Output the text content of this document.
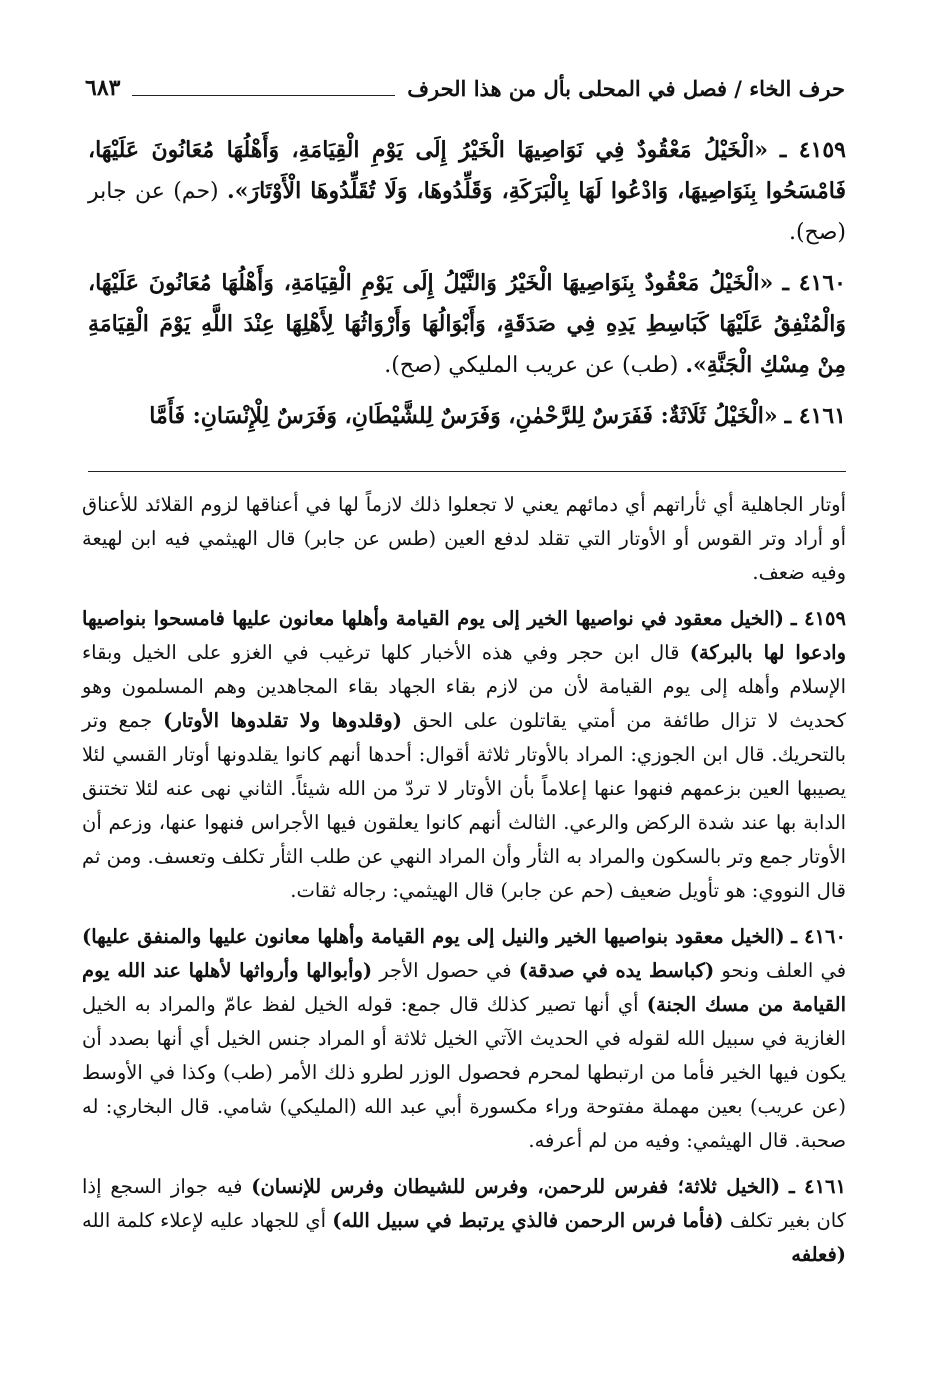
حرف الخاء / فصل في المحلى بأل من هذا الحرف
٦٨٣

٤١٥٩ ـ «الْخَيْلُ مَعْقُودٌ فِي نَوَاصِيهَا الْخَيْرُ إِلَى يَوْمِ الْقِيَامَةِ، وَأَهْلُهَا مُعَانُونَ عَلَيْهَا، فَامْسَحُوا بِنَوَاصِيهَا، وَادْعُوا لَهَا بِالْبَرَكَةِ، وَقَلِّدُوهَا، وَلَا تُقَلِّدُوهَا الْأَوْتَارَ». (حم) عن جابر (صح).

٤١٦٠ ـ «الْخَيْلُ مَعْقُودٌ بِنَوَاصِيهَا الْخَيْرُ وَالنَّيْلُ إِلَى يَوْمِ الْقِيَامَةِ، وَأَهْلُهَا مُعَانُونَ عَلَيْهَا، وَالْمُنْفِقُ عَلَيْهَا كَبَاسِطِ يَدِهِ فِي صَدَقَةٍ، وَأَبْوَالُهَا وَأَرْوَاثُهَا لِأَهْلِهَا عِنْدَ اللَّهِ يَوْمَ الْقِيَامَةِ مِنْ مِسْكِ الْجَنَّةِ». (طب) عن عريب المليكي (صح).

٤١٦١ ـ «الْخَيْلُ ثَلَاثَةٌ: فَفَرَسٌ لِلرَّحْمٰنِ، وَفَرَسٌ لِلشَّيْطَانِ، وَفَرَسٌ لِلْإِنْسَانِ: فَأَمَّا

أوتار الجاهلية أي ثأراتهم أي دمائهم يعني لا تجعلوا ذلك لازماً لها في أعناقها لزوم القلائد للأعناق أو أراد وتر القوس أو الأوتار التي تقلد لدفع العين (طس عن جابر) قال الهيثمي فيه ابن لهيعة وفيه ضعف.

٤١٥٩ ـ (الخيل معقود في نواصيها الخير إلى يوم القيامة وأهلها معانون عليها فامسحوا بنواصيها وادعوا لها بالبركة) قال ابن حجر وفي هذه الأخبار كلها ترغيب في الغزو على الخيل وبقاء الإسلام وأهله إلى يوم القيامة لأن من لازم بقاء الجهاد بقاء المجاهدين وهم المسلمون وهو كحديث لا تزال طائفة من أمتي يقاتلون على الحق (وقلدوها ولا تقلدوها الأوتار) جمع وتر بالتحريك. قال ابن الجوزي: المراد بالأوتار ثلاثة أقوال: أحدها أنهم كانوا يقلدونها أوتار القسي لئلا يصيبها العين بزعمهم فنهوا عنها إعلاماً بأن الأوتار لا تردّ من الله شيئاً. الثاني نهى عنه لئلا تختنق الدابة بها عند شدة الركض والرعي. الثالث أنهم كانوا يعلقون فيها الأجراس فنهوا عنها، وزعم أن الأوتار جمع وتر بالسكون والمراد به الثأر وأن المراد النهي عن طلب الثأر تكلف وتعسف. ومن ثم قال النووي: هو تأويل ضعيف (حم عن جابر) قال الهيثمي: رجاله ثقات.

٤١٦٠ ـ (الخيل معقود بنواصيها الخير والنيل إلى يوم القيامة وأهلها معانون عليها والمنفق عليها) في العلف ونحو (كباسط يده في صدقة) في حصول الأجر (وأبوالها وأرواثها لأهلها عند الله يوم القيامة من مسك الجنة) أي أنها تصير كذلك قال جمع: قوله الخيل لفظ عامّ والمراد به الخيل الغازية في سبيل الله لقوله في الحديث الآتي الخيل ثلاثة أو المراد جنس الخيل أي أنها بصدد أن يكون فيها الخير فأما من ارتبطها لمحرم فحصول الوزر لطرو ذلك الأمر (طب) وكذا في الأوسط (عن عريب) بعين مهملة مفتوحة وراء مكسورة أبي عبد الله (المليكي) شامي. قال البخاري: له صحبة. قال الهيثمي: وفيه من لم أعرفه.

٤١٦١ ـ (الخيل ثلاثة؛ ففرس للرحمن، وفرس للشيطان وفرس للإنسان) فيه جواز السجع إذا كان بغير تكلف (فأما فرس الرحمن فالذي يرتبط في سبيل الله) أي للجهاد عليه لإعلاء كلمة الله (فعلفه
